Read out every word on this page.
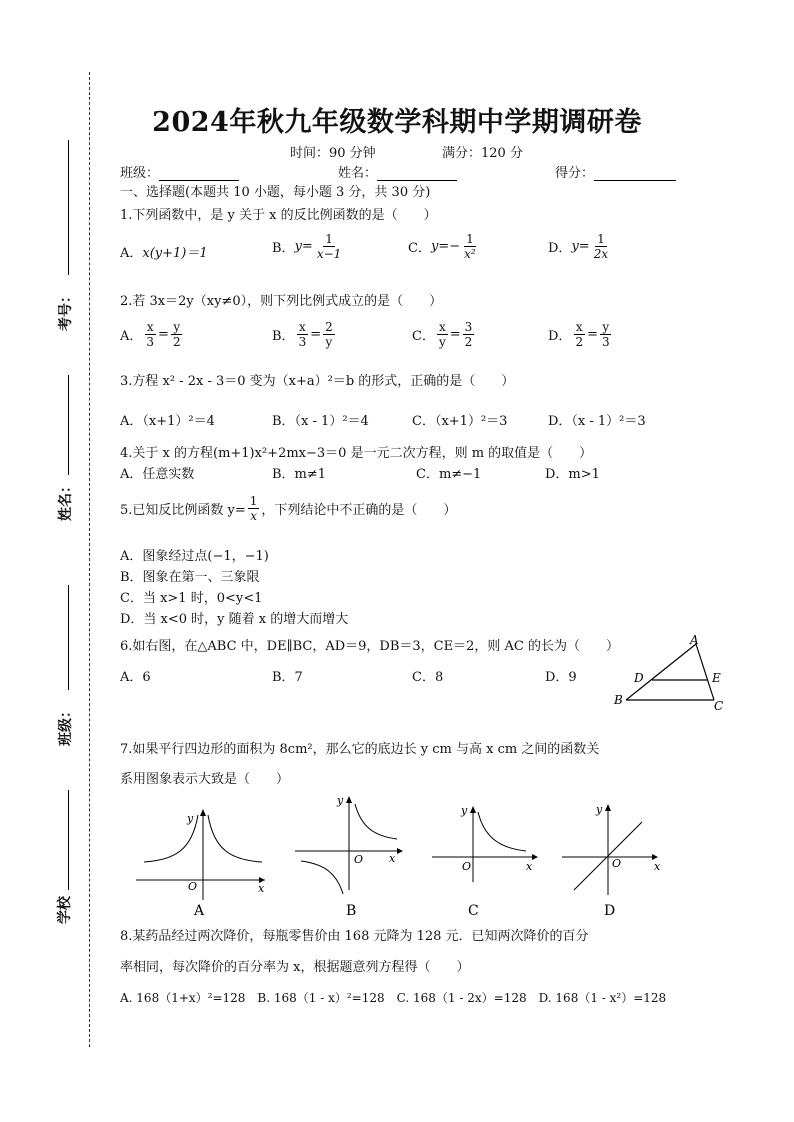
考号：
姓名：
班级：
学校
2024年秋九年级数学科期中学期调研卷
时间：90 分钟	满分：120 分
班级：	姓名：	得分：
一、选择题(本题共 10 小题，每小题 3 分，共 30 分)
1.下列函数中，是 y 关于 x 的反比例函数的是（　　）
A．x(y+1)＝1	B． $y= \frac{1}{x-1}$	C． $y=- \frac{1}{\text{x²}}$	D． $y= \frac{1}{2x}$
2.若 3x＝2y（xy≠0），则下列比例式成立的是（　　）
A． $\frac{x}{3} = \frac{y}{2}$	B． $\frac{x}{3} = \frac{2}{y}$	C． $\frac{x}{y} = \frac{3}{2}$	D． $\frac{x}{2} = \frac{y}{3}$
3.方程 x² - 2x - 3＝0 变为（x+a）²＝b 的形式，正确的是（　　）
A．（x+1）²＝4	B．（x - 1）²＝4	C．（x+1）²＝3	D．（x - 1）²＝3
4.关于 x 的方程(m+1)x²+2mx−3＝0 是一元二次方程，则 m 的取值是（　　）
A．任意实数	B．m≠1	C．m≠−1	D．m>1
5.已知反比例函数 $y= \frac{1}{x}$ ，下列结论中不正确的是（　　）
A．图象经过点(−1，−1)
B．图象在第一、三象限
C．当 x>1 时，0<y<1
D．当 x<0 时，y 随着 x 的增大而增大
6.如右图，在△ABC 中，DE∥BC，AD＝9，DB＝3，CE＝2，则 AC 的长为（　　）
A．6	B．7	C．8	D．9
A
D	E
B	C
7.如果平行四边形的面积为 8cm²，那么它的底边长 y cm 与高 x cm 之间的函数关
系用图象表示大致是（　　）
y
x
O
A
y
x
O
B
y
x
O
C
y
x
O
D
8.某药品经过两次降价，每瓶零售价由 168 元降为 128 元．已知两次降价的百分
率相同，每次降价的百分率为 x，根据题意列方程得（　　）
A. 168（1+x）²=128　B. 168（1 - x）²=128　C. 168（1 - 2x）=128　D. 168（1 - x²）=128
